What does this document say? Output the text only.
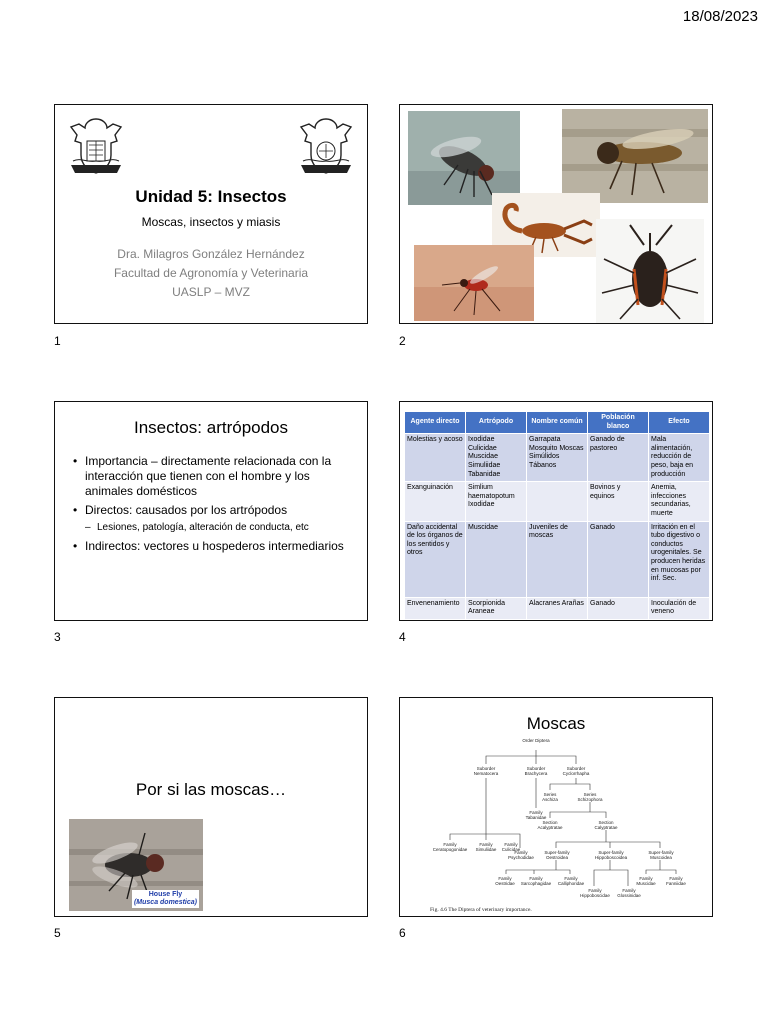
18/08/2023
Unidad 5: Insectos
Moscas, insectos y miasis
Dra. Milagros González Hernández
Facultad de Agronomía y Veterinaria
UASLP – MVZ
1	2
Insectos: artrópodos
• Importancia – directamente relacionada con la interacción que tienen con el hombre y los animales domésticos
• Directos: causados por los artrópodos
– Lesiones, patología, alteración de conducta, etc
• Indirectos: vectores u hospederos intermediarios
3
Agente directo	Artrópodo	Nombre común	Población blanco	Efecto
Molestias y acoso	Ixodidae Culicidae Muscidae Simuliidae Tabanidae	Garrapata Mosquito Moscas Simúlidos Tábanos	Ganado de pastoreo	Mala alimentación, reducción de peso, baja en producción
Exanguinación	Simlium haematopotum Ixodidae		Bovinos y equinos	Anemia, infecciones secundarias, muerte
Daño accidental de los órganos de los sentidos y otros	Muscidae	Juveniles de moscas	Ganado	Irritación en el tubo digestivo o conductos urogenitales. Se producen heridas en mucosas por inf. Sec.
Envenenamiento	Scorpionida Araneae	Alacranes Arañas	Ganado	Inoculación de veneno
4
Por si las moscas…
House Fly
(Musca domestica)
5
Moscas
Order Diptera
Suborder Nematocera
Suborder Brachycera
Suborder Cyclorrhapha
Family Tabanidae
Series Aschiza
Series Schizophora
Section Acalyptratae
Section Calyptratae
Family Ceratopogonidae
Family Simuliidae
Family Culicidae
Family Psychodidae
Super-family Oestroidea
Super-family Hippoboscoidea
Super-family Muscoidea
Family Oestridae
Family Sarcophagidae
Family Calliphoridae
Family Hippoboscidae
Family Glossinidae
Family Muscidae
Family Fanniidae
Fig. 4.6 The Diptera of veterinary importance.
6
